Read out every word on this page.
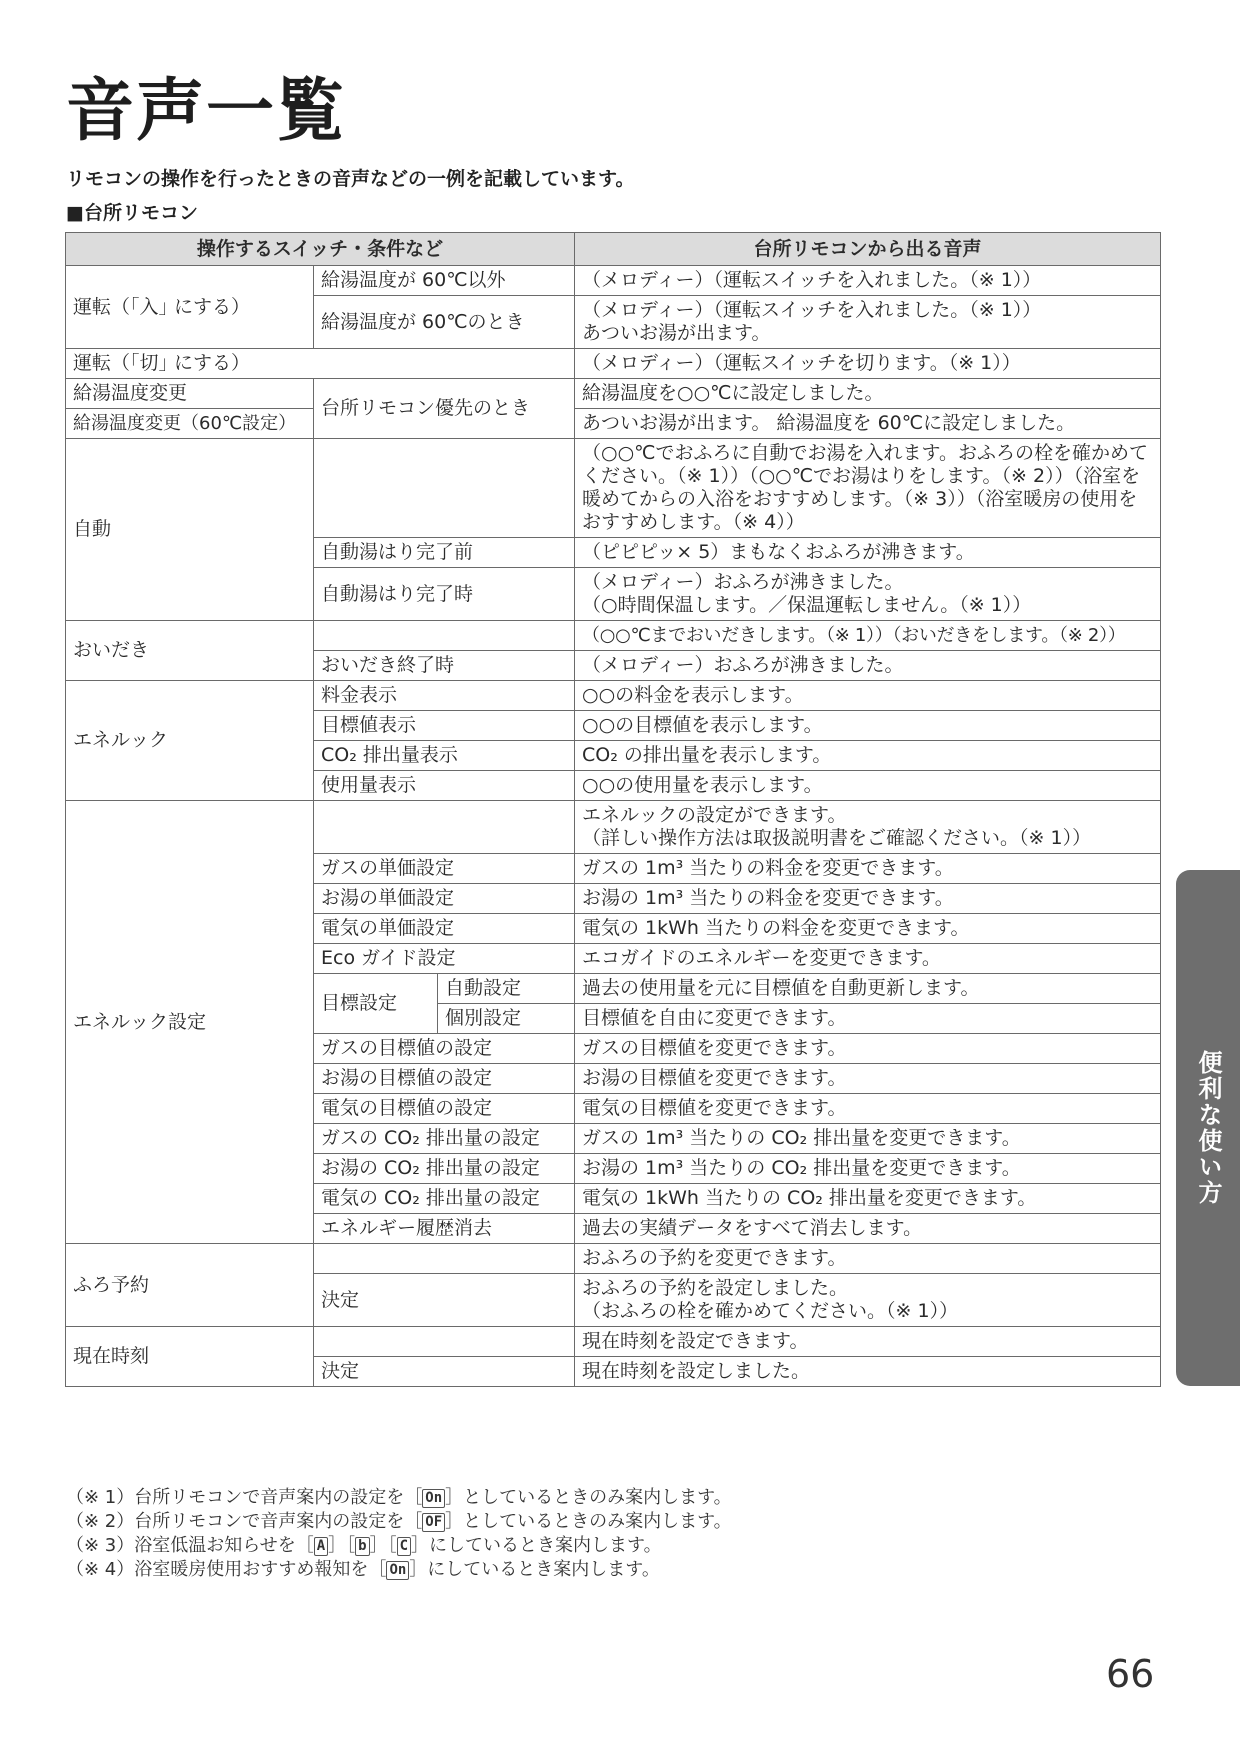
音声一覧
リモコンの操作を行ったときの音声などの一例を記載しています。
■台所リモコン
操作するスイッチ・条件など			台所リモコンから出る音声
運転（｢入｣ にする）	給湯温度が 60℃以外		（メロディー）（運転スイッチを入れました。（※ 1））
	給湯温度が 60℃のとき		（メロディー）（運転スイッチを入れました。（※ 1））
あついお湯が出ます。
運転（｢切｣ にする）			（メロディー）（運転スイッチを切ります。（※ 1））
給湯温度変更	台所リモコン優先のとき		給湯温度を○○℃に設定しました。
給湯温度変更（60℃設定）			あついお湯が出ます。 給湯温度を 60℃に設定しました。
自動			（○○℃でおふろに自動でお湯を入れます。おふろの栓を確かめてください。（※ 1））（○○℃でお湯はりをします。（※ 2））（浴室を暖めてからの入浴をおすすめします。（※ 3））（浴室暖房の使用をおすすめします。（※ 4））
	自動湯はり完了前		（ピピピッ× 5）まもなくおふろが沸きます。
	自動湯はり完了時		（メロディー）おふろが沸きました。
（○時間保温します。／保温運転しません。（※ 1））
おいだき			（○○℃までおいだきします。（※ 1））（おいだきをします。（※ 2））
	おいだき終了時		（メロディー）おふろが沸きました。
エネルック	料金表示		○○の料金を表示します。
	目標値表示		○○の目標値を表示します。
	CO₂ 排出量表示		CO₂ の排出量を表示します。
	使用量表示		○○の使用量を表示します。
エネルック設定			エネルックの設定ができます。
（詳しい操作方法は取扱説明書をご確認ください。（※ 1））
	ガスの単価設定		ガスの 1m³ 当たりの料金を変更できます。
	お湯の単価設定		お湯の 1m³ 当たりの料金を変更できます。
	電気の単価設定		電気の 1kWh 当たりの料金を変更できます。
	Eco ガイド設定		エコガイドのエネルギーを変更できます。
	目標設定	自動設定	過去の使用量を元に目標値を自動更新します。
		個別設定	目標値を自由に変更できます。
	ガスの目標値の設定		ガスの目標値を変更できます。
	お湯の目標値の設定		お湯の目標値を変更できます。
	電気の目標値の設定		電気の目標値を変更できます。
	ガスの CO₂ 排出量の設定		ガスの 1m³ 当たりの CO₂ 排出量を変更できます。
	お湯の CO₂ 排出量の設定		お湯の 1m³ 当たりの CO₂ 排出量を変更できます。
	電気の CO₂ 排出量の設定		電気の 1kWh 当たりの CO₂ 排出量を変更できます。
	エネルギー履歴消去		過去の実績データをすべて消去します。
ふろ予約			おふろの予約を変更できます。
	決定		おふろの予約を設定しました。
（おふろの栓を確かめてください。（※ 1））
現在時刻			現在時刻を設定できます。
	決定		現在時刻を設定しました。
（※ 1）台所リモコンで音声案内の設定を［ On ］としているときのみ案内します。
（※ 2）台所リモコンで音声案内の設定を［ OF ］としているときのみ案内します。
（※ 3）浴室低温お知らせを［ A ］［ b ］［ C ］にしているとき案内します。
（※ 4）浴室暖房使用おすすめ報知を［ On ］にしているとき案内します。
便利な使い方
66
